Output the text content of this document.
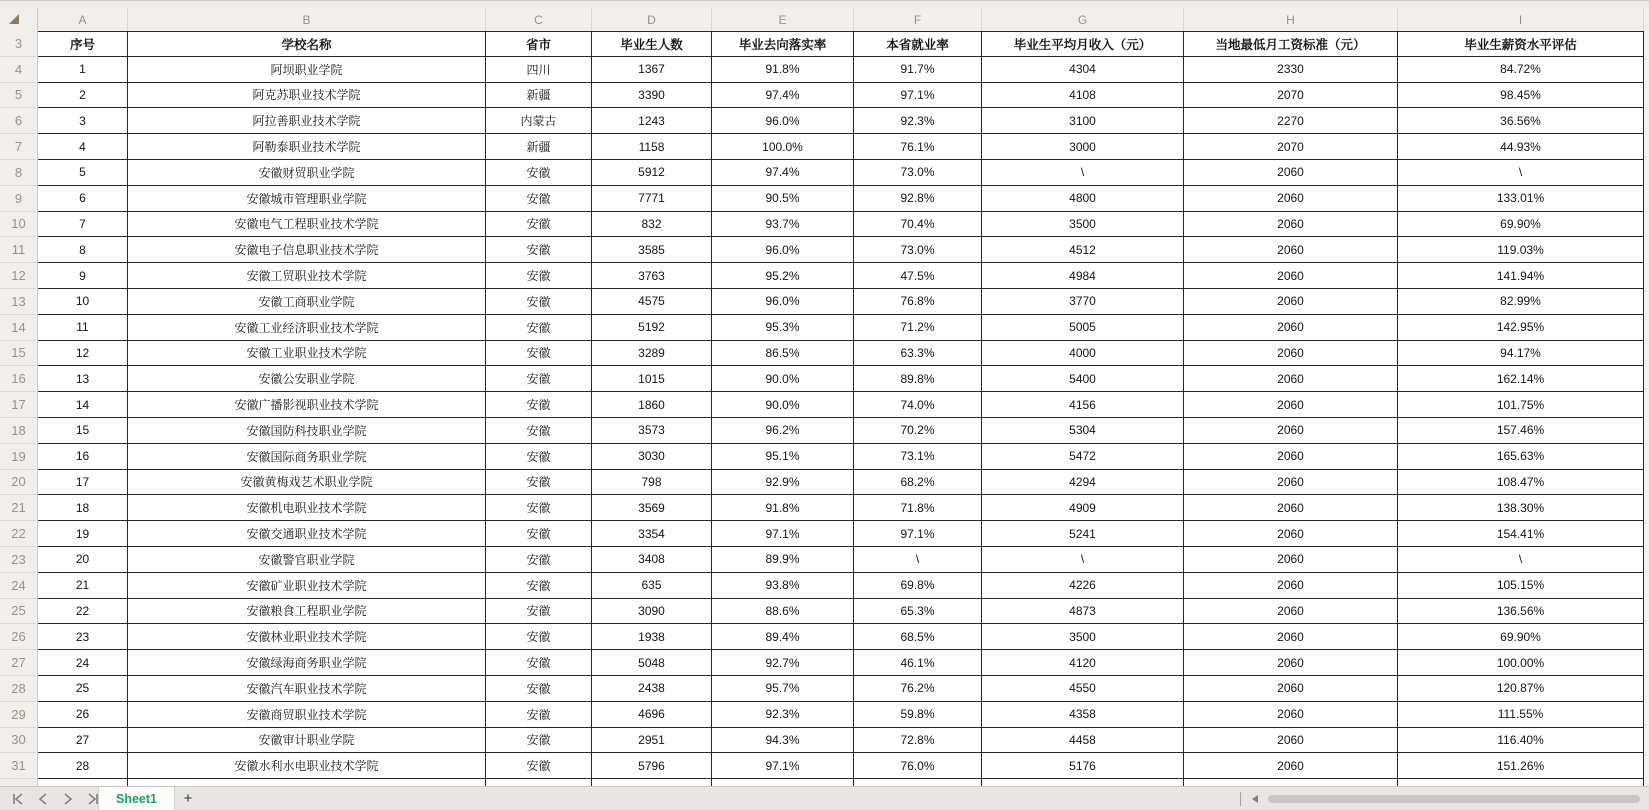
A	B	C	D	E	F	G	H	I
3	序号	学校名称	省市	毕业生人数	毕业去向落实率	本省就业率	毕业生平均月收入（元）	当地最低月工资标准（元）	毕业生薪资水平评估
4	1	阿坝职业学院	四川	1367	91.8%	91.7%	4304	2330	84.72%
5	2	阿克苏职业技术学院	新疆	3390	97.4%	97.1%	4108	2070	98.45%
6	3	阿拉善职业技术学院	内蒙古	1243	96.0%	92.3%	3100	2270	36.56%
7	4	阿勒泰职业技术学院	新疆	1158	100.0%	76.1%	3000	2070	44.93%
8	5	安徽财贸职业学院	安徽	5912	97.4%	73.0%	\	2060	\
9	6	安徽城市管理职业学院	安徽	7771	90.5%	92.8%	4800	2060	133.01%
10	7	安徽电气工程职业技术学院	安徽	832	93.7%	70.4%	3500	2060	69.90%
11	8	安徽电子信息职业技术学院	安徽	3585	96.0%	73.0%	4512	2060	119.03%
12	9	安徽工贸职业技术学院	安徽	3763	95.2%	47.5%	4984	2060	141.94%
13	10	安徽工商职业学院	安徽	4575	96.0%	76.8%	3770	2060	82.99%
14	11	安徽工业经济职业技术学院	安徽	5192	95.3%	71.2%	5005	2060	142.95%
15	12	安徽工业职业技术学院	安徽	3289	86.5%	63.3%	4000	2060	94.17%
16	13	安徽公安职业学院	安徽	1015	90.0%	89.8%	5400	2060	162.14%
17	14	安徽广播影视职业技术学院	安徽	1860	90.0%	74.0%	4156	2060	101.75%
18	15	安徽国防科技职业学院	安徽	3573	96.2%	70.2%	5304	2060	157.46%
19	16	安徽国际商务职业学院	安徽	3030	95.1%	73.1%	5472	2060	165.63%
20	17	安徽黄梅戏艺术职业学院	安徽	798	92.9%	68.2%	4294	2060	108.47%
21	18	安徽机电职业技术学院	安徽	3569	91.8%	71.8%	4909	2060	138.30%
22	19	安徽交通职业技术学院	安徽	3354	97.1%	97.1%	5241	2060	154.41%
23	20	安徽警官职业学院	安徽	3408	89.9%	\	\	2060	\
24	21	安徽矿业职业技术学院	安徽	635	93.8%	69.8%	4226	2060	105.15%
25	22	安徽粮食工程职业学院	安徽	3090	88.6%	65.3%	4873	2060	136.56%
26	23	安徽林业职业技术学院	安徽	1938	89.4%	68.5%	3500	2060	69.90%
27	24	安徽绿海商务职业学院	安徽	5048	92.7%	46.1%	4120	2060	100.00%
28	25	安徽汽车职业技术学院	安徽	2438	95.7%	76.2%	4550	2060	120.87%
29	26	安徽商贸职业技术学院	安徽	4696	92.3%	59.8%	4358	2060	111.55%
30	27	安徽审计职业学院	安徽	2951	94.3%	72.8%	4458	2060	116.40%
31	28	安徽水利水电职业技术学院	安徽	5796	97.1%	76.0%	5176	2060	151.26%
Sheet1	+
